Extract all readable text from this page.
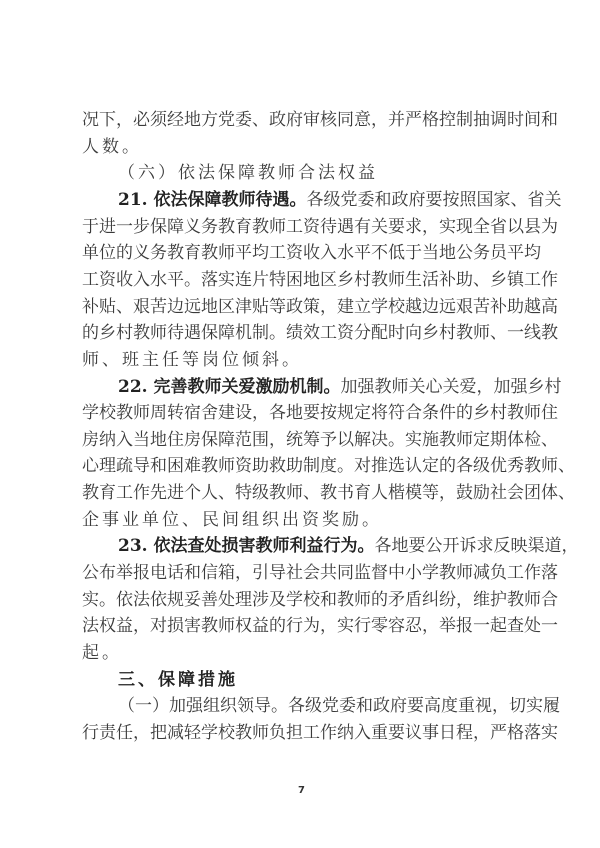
况下，必须经地方党委、政府审核同意，并严格控制抽调时间和
人数。
（六）依法保障教师合法权益
21. 依法保障教师待遇。各级党委和政府要按照国家、省关
于进一步保障义务教育教师工资待遇有关要求，实现全省以县为
单位的义务教育教师平均工资收入水平不低于当地公务员平均
工资收入水平。落实连片特困地区乡村教师生活补助、乡镇工作
补贴、艰苦边远地区津贴等政策，建立学校越边远艰苦补助越高
的乡村教师待遇保障机制。绩效工资分配时向乡村教师、一线教
师、班主任等岗位倾斜。
22. 完善教师关爱激励机制。加强教师关心关爱，加强乡村
学校教师周转宿舍建设，各地要按规定将符合条件的乡村教师住
房纳入当地住房保障范围，统筹予以解决。实施教师定期体检、
心理疏导和困难教师资助救助制度。对推选认定的各级优秀教师、
教育工作先进个人、特级教师、教书育人楷模等，鼓励社会团体、
企事业单位、民间组织出资奖励。
23. 依法查处损害教师利益行为。各地要公开诉求反映渠道，
公布举报电话和信箱，引导社会共同监督中小学教师减负工作落
实。依法依规妥善处理涉及学校和教师的矛盾纠纷，维护教师合
法权益，对损害教师权益的行为，实行零容忍，举报一起查处一
起。
三、保障措施
（一）加强组织领导。各级党委和政府要高度重视，切实履
行责任，把减轻学校教师负担工作纳入重要议事日程，严格落实
7
